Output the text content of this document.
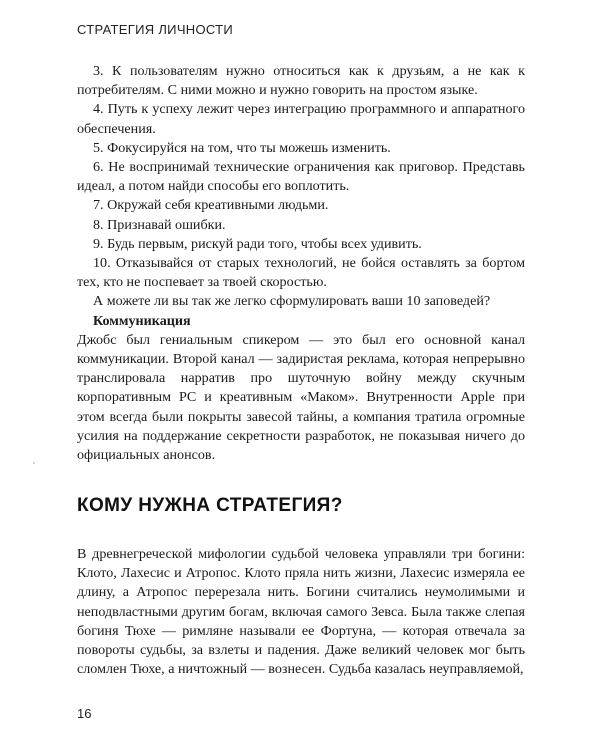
СТРАТЕГИЯ ЛИЧНОСТИ

3. К пользователям нужно относиться как к друзьям, а не как к потребителям. С ними можно и нужно говорить на простом языке.

4. Путь к успеху лежит через интеграцию программного и аппаратного обеспечения.

5. Фокусируйся на том, что ты можешь изменить.

6. Не воспринимай технические ограничения как приговор. Представь идеал, а потом найди способы его воплотить.

7. Окружай себя креативными людьми.

8. Признавай ошибки.

9. Будь первым, рискуй ради того, чтобы всех удивить.

10. Отказывайся от старых технологий, не бойся оставлять за бортом тех, кто не поспевает за твоей скоростью.

А можете ли вы так же легко сформулировать ваши 10 заповедей?

Коммуникация

Джобс был гениальным спикером — это был его основной канал коммуникации. Второй канал — задиристая реклама, которая непрерывно транслировала нарратив про шуточную войну между скучным корпоративным PC и креативным «Маком». Внутренности Apple при этом всегда были покрыты завесой тайны, а компания тратила огромные усилия на поддержание секретности разработок, не показывая ничего до официальных анонсов.

КОМУ НУЖНА СТРАТЕГИЯ?

В древнегреческой мифологии судьбой человека управляли три богини: Клото, Лахесис и Атропос. Клото пряла нить жизни, Лахесис измеряла ее длину, а Атропос перерезала нить. Богини считались неумолимыми и неподвластными другим богам, включая самого Зевса. Была также слепая богиня Тюхе — римляне называли ее Фортуна, — которая отвечала за повороты судьбы, за взлеты и падения. Даже великий человек мог быть сломлен Тюхе, а ничтожный — вознесен. Судьба казалась неуправляемой,

16
